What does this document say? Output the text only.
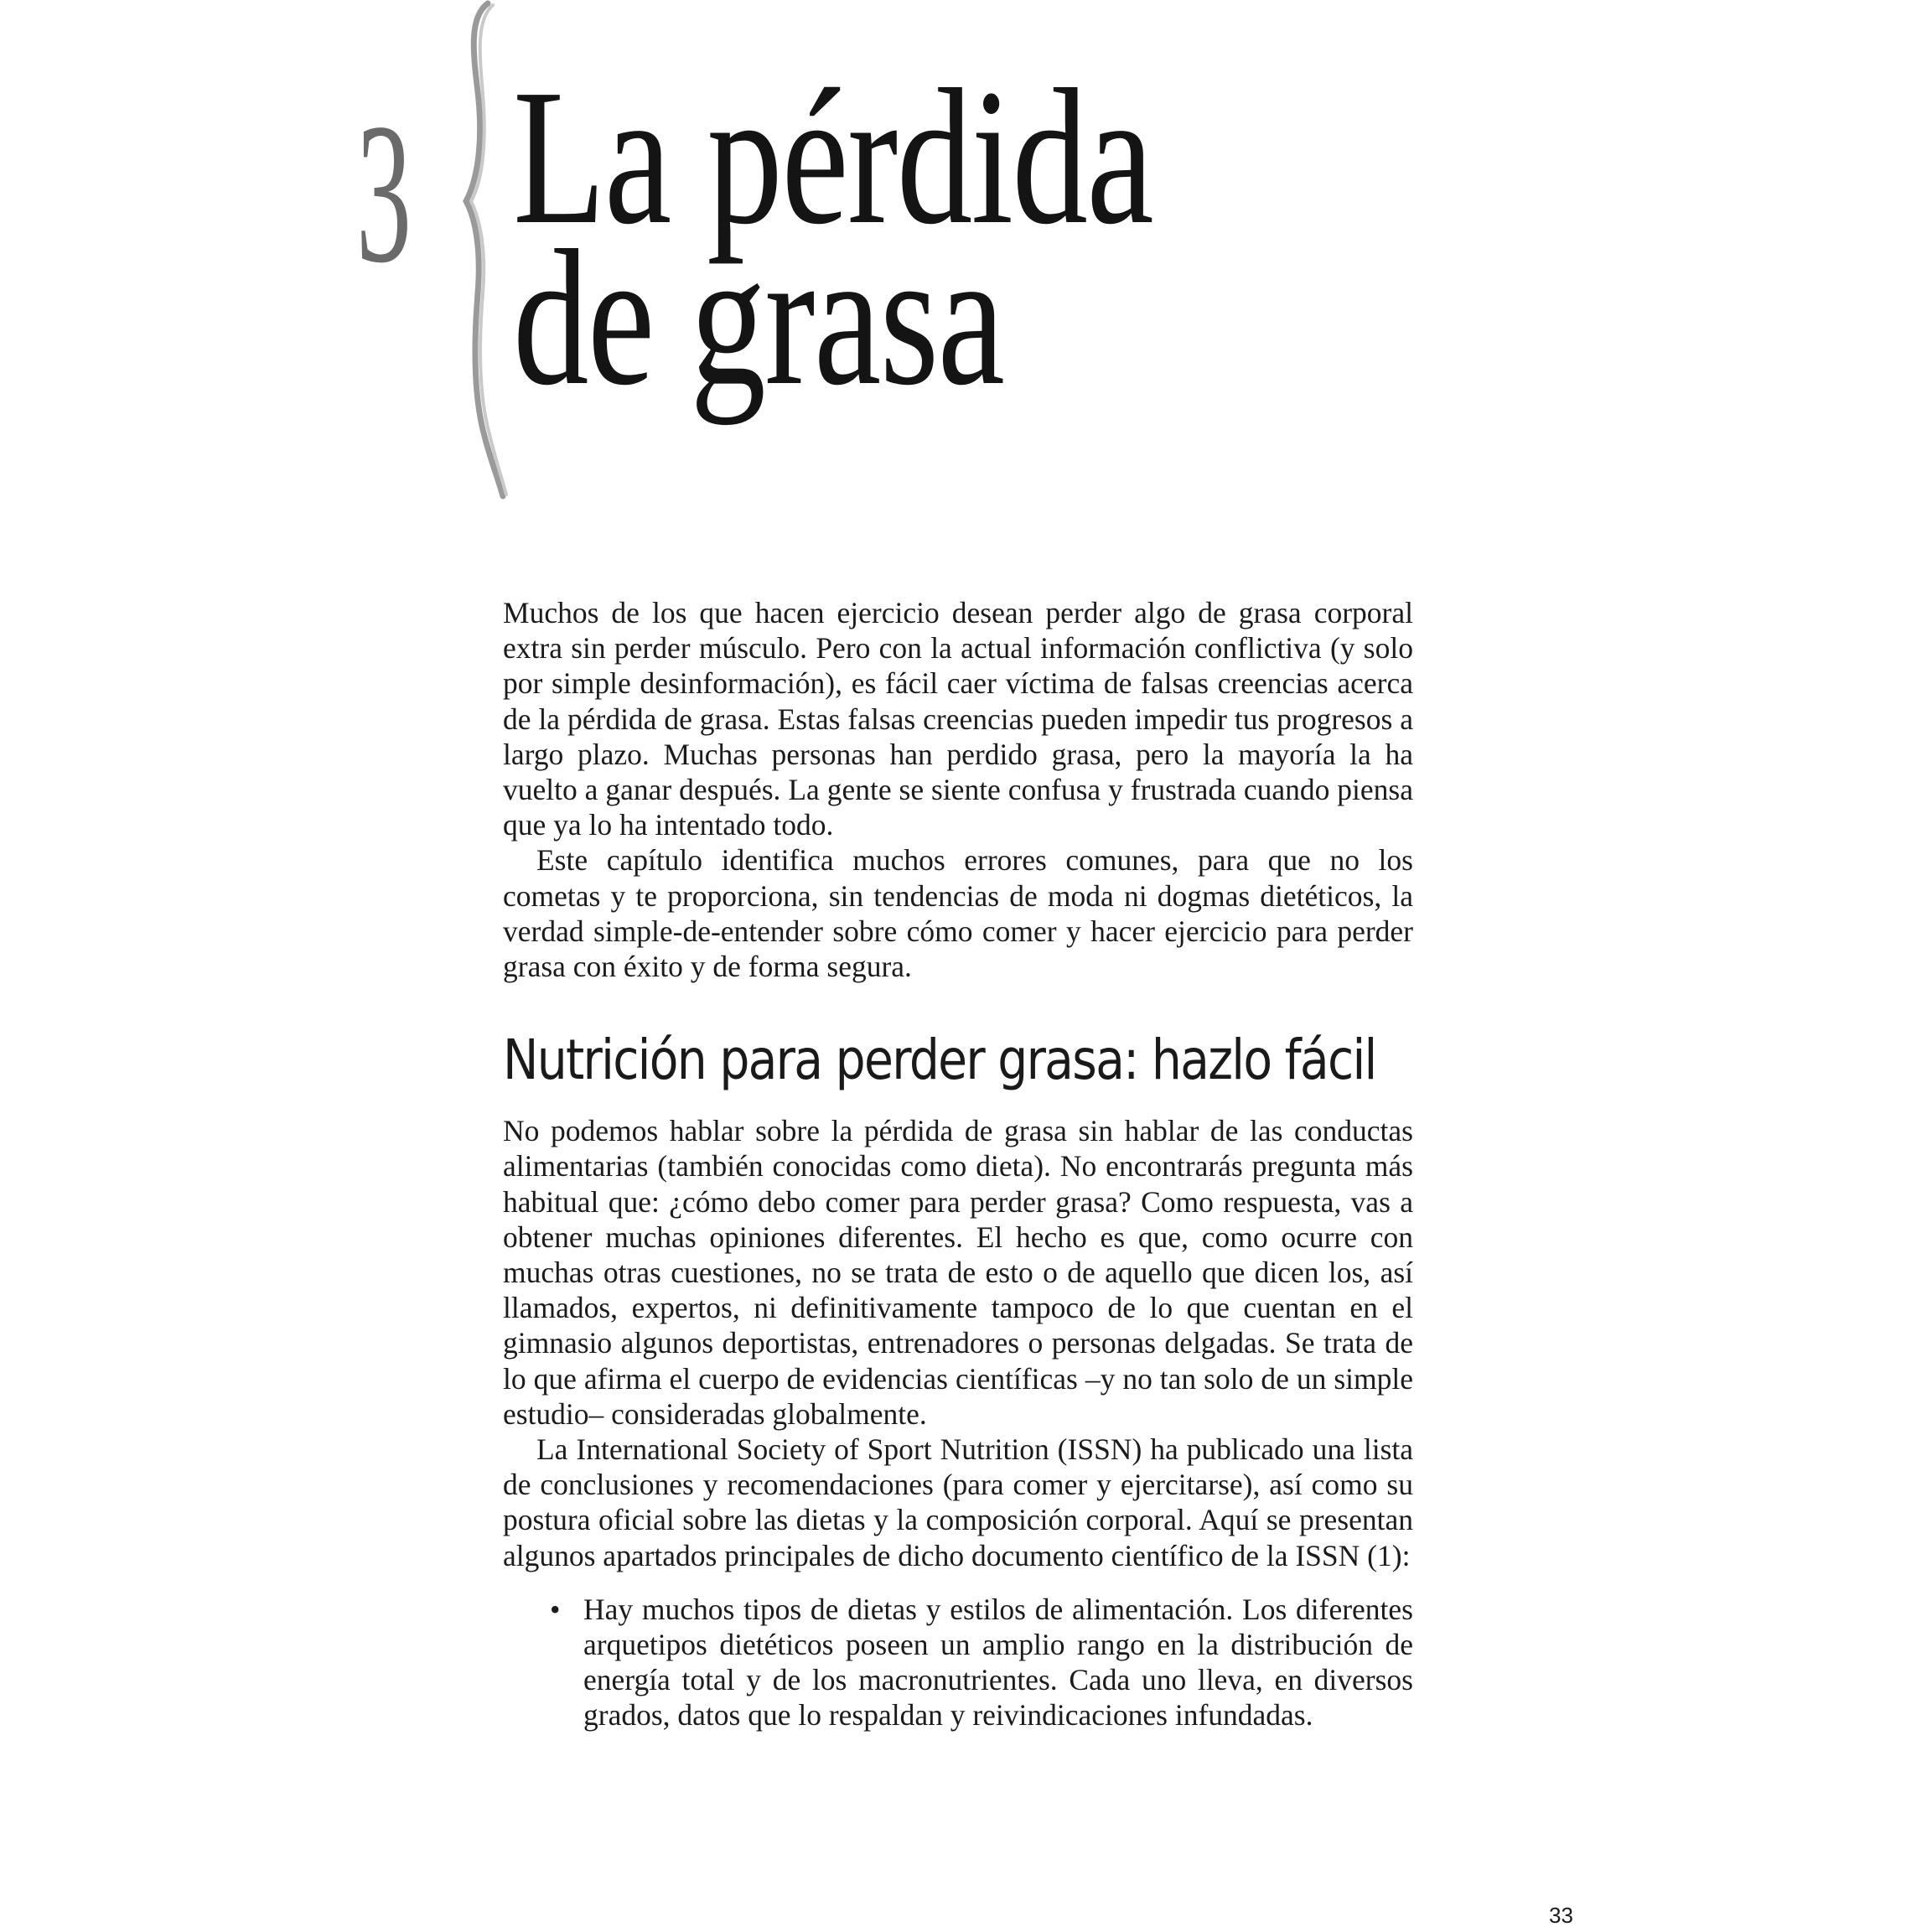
3 La pérdida
de grasa

Muchos de los que hacen ejercicio desean perder algo de grasa corporal extra sin perder músculo. Pero con la actual información conflictiva (y solo por simple desinformación), es fácil caer víctima de falsas creencias acerca de la pérdida de grasa. Estas falsas creencias pueden impedir tus progresos a largo plazo. Muchas personas han perdido grasa, pero la mayoría la ha vuelto a ganar después. La gente se siente confusa y frustrada cuando piensa que ya lo ha intentado todo.

Este capítulo identifica muchos errores comunes, para que no los cometas y te proporciona, sin tendencias de moda ni dogmas dietéticos, la verdad simple-de-entender sobre cómo comer y hacer ejercicio para perder grasa con éxito y de forma segura.

Nutrición para perder grasa: hazlo fácil

No podemos hablar sobre la pérdida de grasa sin hablar de las conductas alimentarias (también conocidas como dieta). No encontrarás pregunta más habitual que: ¿cómo debo comer para perder grasa? Como respuesta, vas a obtener muchas opiniones diferentes. El hecho es que, como ocurre con muchas otras cuestiones, no se trata de esto o de aquello que dicen los, así llamados, expertos, ni definitivamente tampoco de lo que cuentan en el gimnasio algunos deportistas, entrenadores o personas delgadas. Se trata de lo que afirma el cuerpo de evidencias científicas –y no tan solo de un simple estudio– consideradas globalmente.

La International Society of Sport Nutrition (ISSN) ha publicado una lista de conclusiones y recomendaciones (para comer y ejercitarse), así como su postura oficial sobre las dietas y la composición corporal. Aquí se presentan algunos apartados principales de dicho documento científico de la ISSN (1):

• Hay muchos tipos de dietas y estilos de alimentación. Los diferentes arquetipos dietéticos poseen un amplio rango en la distribución de energía total y de los macronutrientes. Cada uno lleva, en diversos grados, datos que lo respaldan y reivindicaciones infundadas.
33
